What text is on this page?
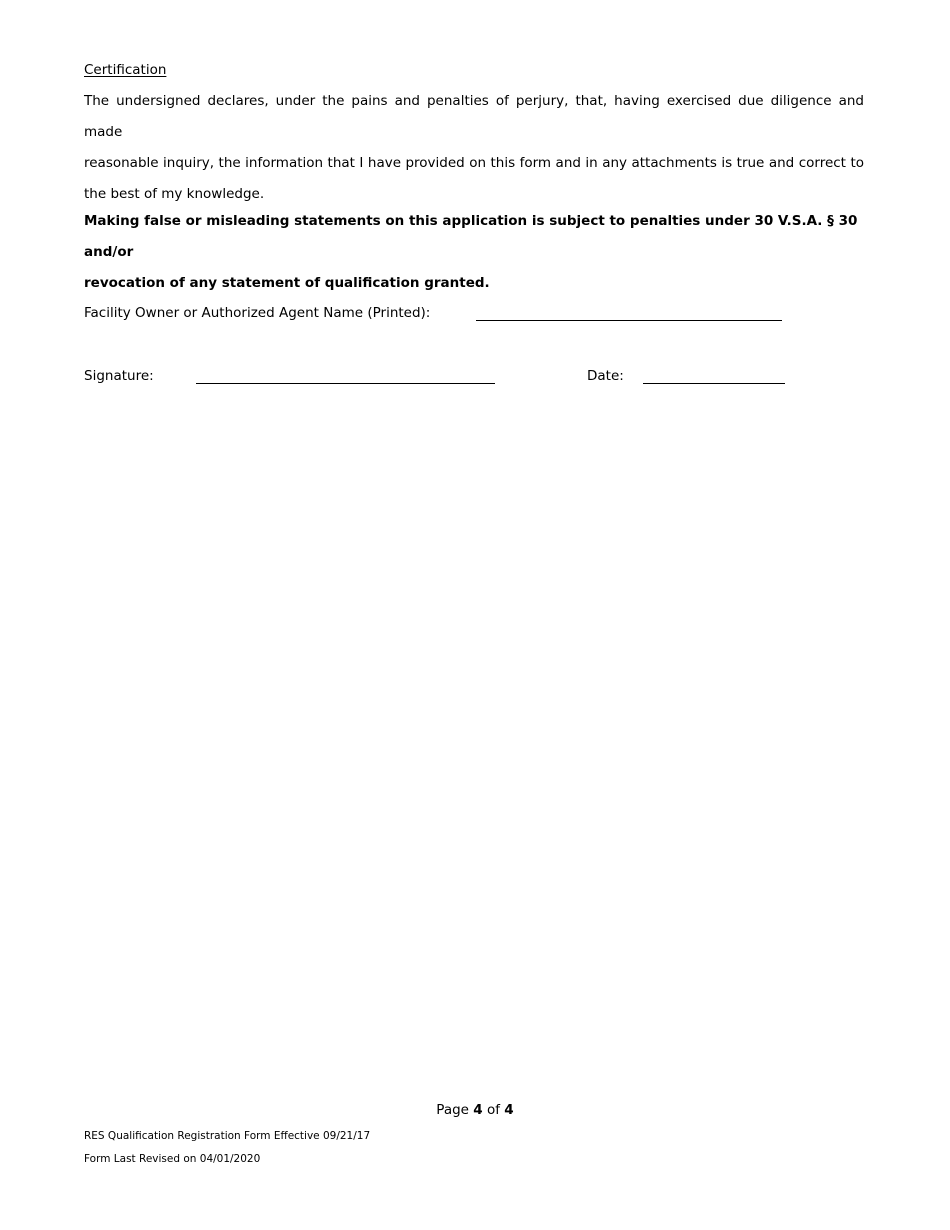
Certification
The undersigned declares, under the pains and penalties of perjury, that, having exercised due diligence and made
reasonable inquiry, the information that I have provided on this form and in any attachments is true and correct to
the best of my knowledge.
Making false or misleading statements on this application is subject to penalties under 30 V.S.A. § 30 and/or
revocation of any statement of qualification granted.
Facility Owner or Authorized Agent Name (Printed):
Signature:	Date:
Page 4 of 4
RES Qualification Registration Form Effective 09/21/17
Form Last Revised on 04/01/2020
